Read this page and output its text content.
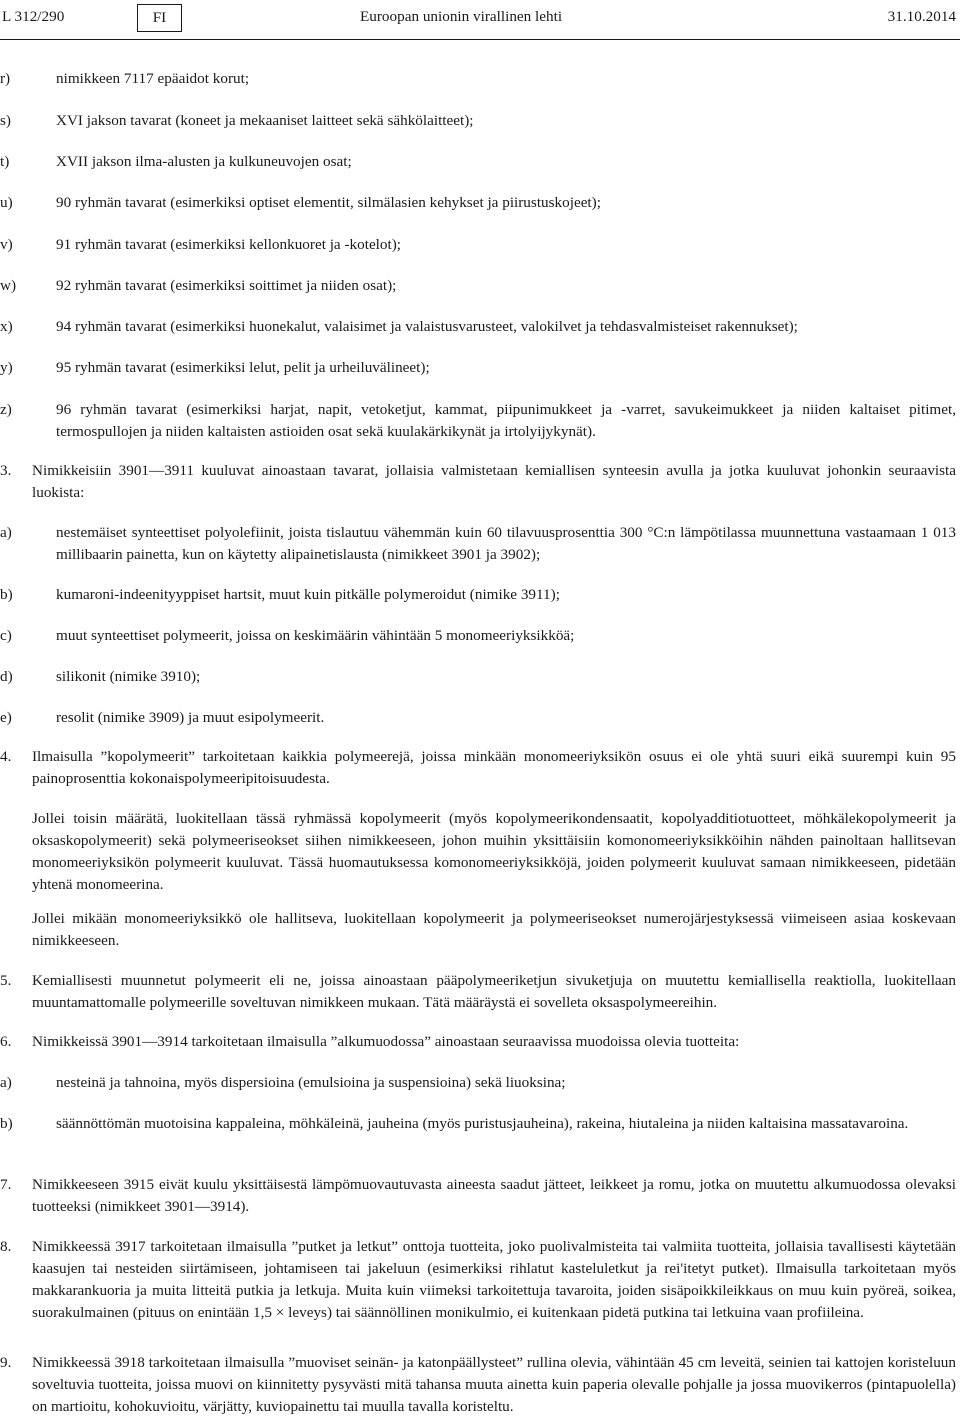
L 312/290	FI	Euroopan unionin virallinen lehti	31.10.2014
r)	nimikkeen 7117 epäaidot korut;
s)	XVI jakson tavarat (koneet ja mekaaniset laitteet sekä sähkölaitteet);
t)	XVII jakson ilma-alusten ja kulkuneuvojen osat;
u)	90 ryhmän tavarat (esimerkiksi optiset elementit, silmälasien kehykset ja piirustuskojeet);
v)	91 ryhmän tavarat (esimerkiksi kellonkuoret ja -kotelot);
w)	92 ryhmän tavarat (esimerkiksi soittimet ja niiden osat);
x)	94 ryhmän tavarat (esimerkiksi huonekalut, valaisimet ja valaistusvarusteet, valokilvet ja tehdasvalmisteiset rakennukset);
y)	95 ryhmän tavarat (esimerkiksi lelut, pelit ja urheiluvälineet);
z)	96 ryhmän tavarat (esimerkiksi harjat, napit, vetoketjut, kammat, piipunimukkeet ja -varret, savukeimukkeet ja niiden kaltaiset pitimet, termospullojen ja niiden kaltaisten astioiden osat sekä kuulakärkikynät ja irtolyijykynät).
3. Nimikkeisiin 3901—3911 kuuluvat ainoastaan tavarat, jollaisia valmistetaan kemiallisen synteesin avulla ja jotka kuuluvat johonkin seuraavista luokista:
a)	nestemäiset synteettiset polyolefiinit, joista tislautuu vähemmän kuin 60 tilavuusprosenttia 300 °C:n lämpötilassa muunnettuna vastaamaan 1 013 millibaarin painetta, kun on käytetty alipainetislausta (nimikkeet 3901 ja 3902);
b)	kumaroni-indeenityyppiset hartsit, muut kuin pitkälle polymeroidut (nimike 3911);
c)	muut synteettiset polymeerit, joissa on keskimäärin vähintään 5 monomeeriyksikköä;
d)	silikonit (nimike 3910);
e)	resolit (nimike 3909) ja muut esipolymeerit.
4. Ilmaisulla ”kopolymeerit” tarkoitetaan kaikkia polymeerejä, joissa minkään monomeeriyksikön osuus ei ole yhtä suuri eikä suurempi kuin 95 painoprosenttia kokonaispolymeeripitoisuudesta.
Jollei toisin määrätä, luokitellaan tässä ryhmässä kopolymeerit (myös kopolymeerikondensaatit, kopolyadditiotuotteet, möhkälekopolymeerit ja oksaskopolymeerit) sekä polymeeriseokset siihen nimikkeeseen, johon muihin yksittäisiin komonomeeriyksikköihin nähden painoltaan hallitsevan monomeeriyksikön polymeerit kuuluvat. Tässä huomautuksessa komonomeeriyksikköjä, joiden polymeerit kuuluvat samaan nimikkeeseen, pidetään yhtenä monomeerina.
Jollei mikään monomeeriyksikkö ole hallitseva, luokitellaan kopolymeerit ja polymeeriseokset numerojärjestyksessä viimeiseen asiaa koskevaan nimikkeeseen.
5. Kemiallisesti muunnetut polymeerit eli ne, joissa ainoastaan pääpolymeeriketjun sivuketjuja on muutettu kemiallisella reaktiolla, luokitellaan muuntamattomalle polymeerille soveltuvan nimikkeen mukaan. Tätä määräystä ei sovelleta oksaspolymeereihin.
6. Nimikkeissä 3901—3914 tarkoitetaan ilmaisulla ”alkumuodossa” ainoastaan seuraavissa muodoissa olevia tuotteita:
a)	nesteinä ja tahnoina, myös dispersioina (emulsioina ja suspensioina) sekä liuoksina;
b)	säännöttömän muotoisina kappaleina, möhkäleinä, jauheina (myös puristusjauheina), rakeina, hiutaleina ja niiden kaltaisina massatavaroina.
7. Nimikkeeseen 3915 eivät kuulu yksittäisestä lämpömuovautuvasta aineesta saadut jätteet, leikkeet ja romu, jotka on muutettu alkumuodossa olevaksi tuotteeksi (nimikkeet 3901—3914).
8. Nimikkeessä 3917 tarkoitetaan ilmaisulla ”putket ja letkut” onttoja tuotteita, joko puolivalmisteita tai valmiita tuotteita, jollaisia tavallisesti käytetään kaasujen tai nesteiden siirtämiseen, johtamiseen tai jakeluun (esimerkiksi rihlatut kasteluletkut ja rei'itetyt putket). Ilmaisulla tarkoitetaan myös makkarankuoria ja muita litteitä putkia ja letkuja. Muita kuin viimeksi tarkoitettuja tavaroita, joiden sisäpoikkileikkaus on muu kuin pyöreä, soikea, suorakulmainen (pituus on enintään 1,5 × leveys) tai säännöllinen monikulmio, ei kuitenkaan pidetä putkina tai letkuina vaan profiileina.
9. Nimikkeessä 3918 tarkoitetaan ilmaisulla ”muoviset seinän- ja katonpäällysteet” rullina olevia, vähintään 45 cm leveitä, seinien tai kattojen koristeluun soveltuvia tuotteita, joissa muovi on kiinnitetty pysyvästi mitä tahansa muuta ainetta kuin paperia olevalle pohjalle ja jossa muovikerros (pintapuolella) on martioitu, kohokuvioitu, värjätty, kuviopainettu tai muulla tavalla koristeltu.
